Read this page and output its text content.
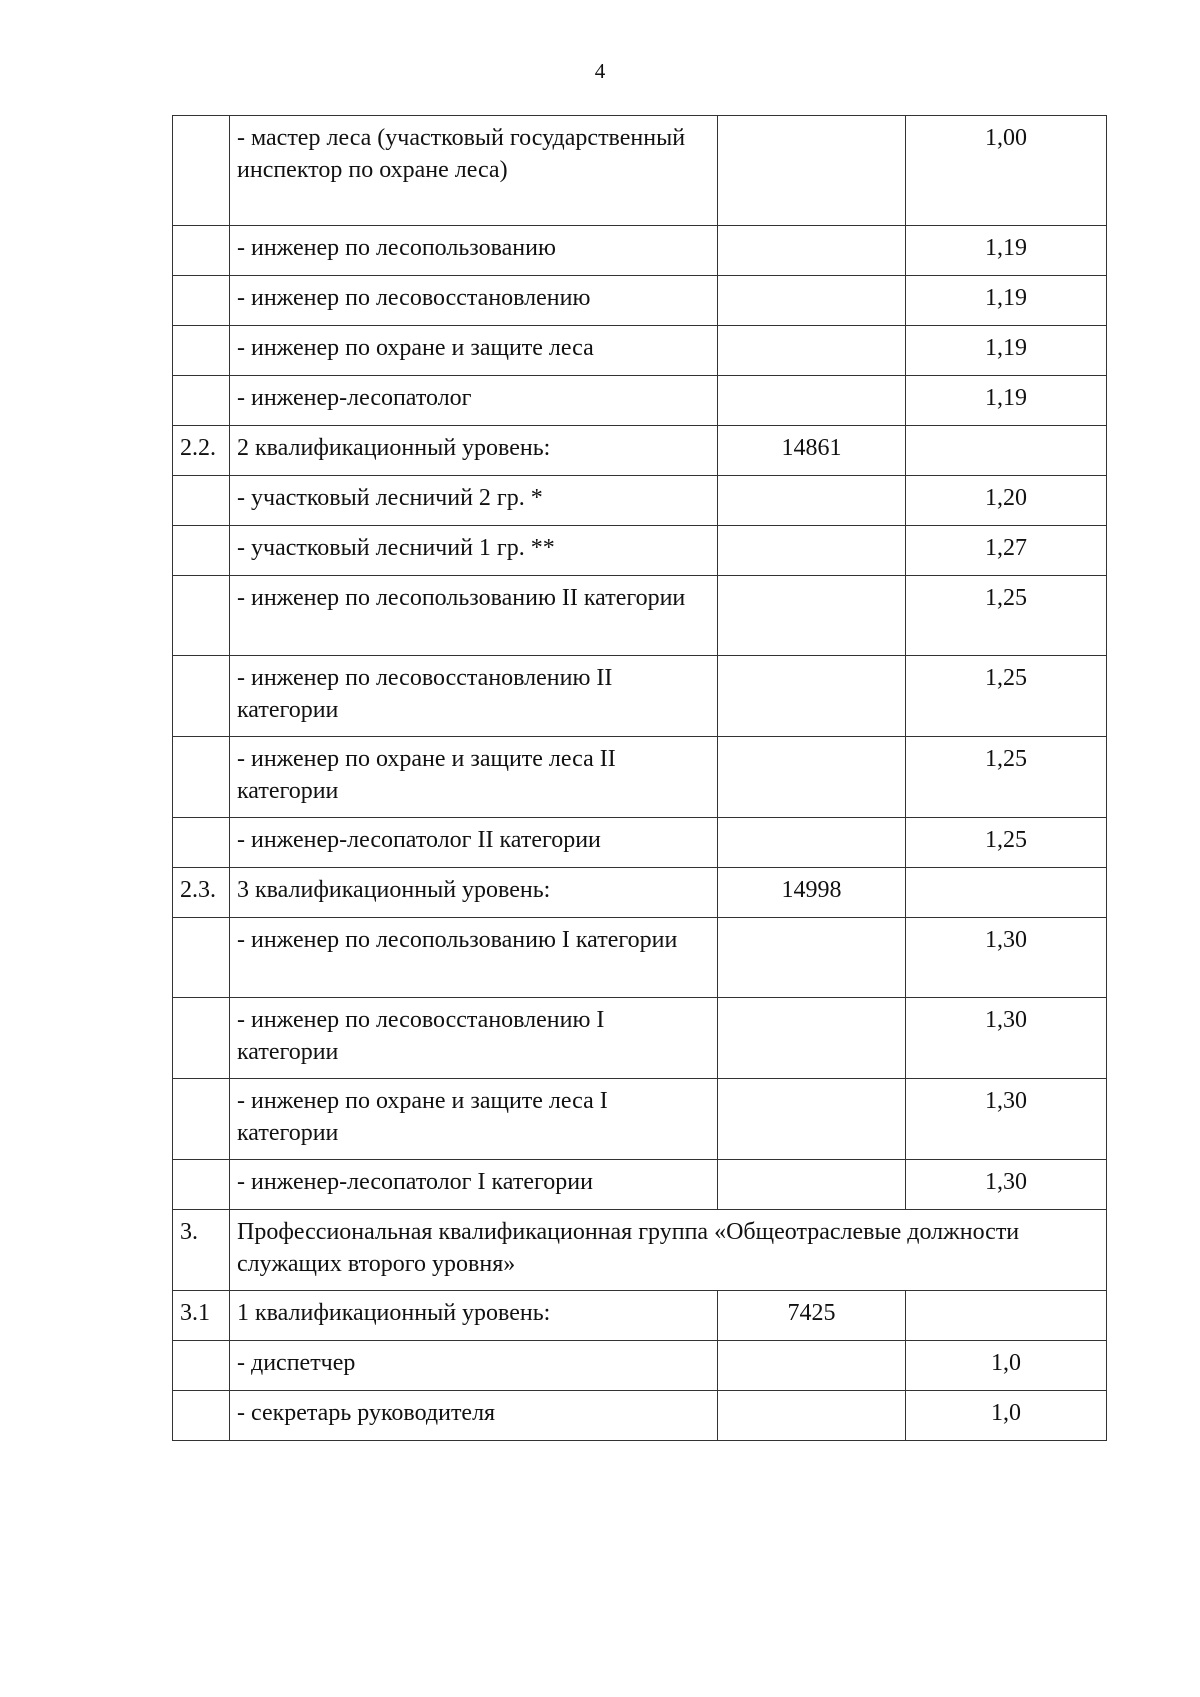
4
	- мастер леса (участковый государственный инспектор по охране леса)		1,00
	- инженер по лесопользованию		1,19
	- инженер по лесовосстановлению		1,19
	- инженер по охране и защите леса		1,19
	- инженер-лесопатолог		1,19
2.2.	2 квалификационный уровень:	14861	
	- участковый лесничий 2 гр. *		1,20
	- участковый лесничий 1 гр. **		1,27
	- инженер по лесопользованию II категории		1,25
	- инженер по лесовосстановлению II категории		1,25
	- инженер по охране и защите леса II категории		1,25
	- инженер-лесопатолог II категории		1,25
2.3.	3 квалификационный уровень:	14998	
	- инженер по лесопользованию I категории		1,30
	- инженер по лесовосстановлению I категории		1,30
	- инженер по охране и защите леса I категории		1,30
	- инженер-лесопатолог I категории		1,30
3.	Профессиональная квалификационная группа «Общеотраслевые должности служащих второго уровня»		
3.1	1 квалификационный уровень:	7425	
	- диспетчер		1,0
	- секретарь руководителя		1,0
